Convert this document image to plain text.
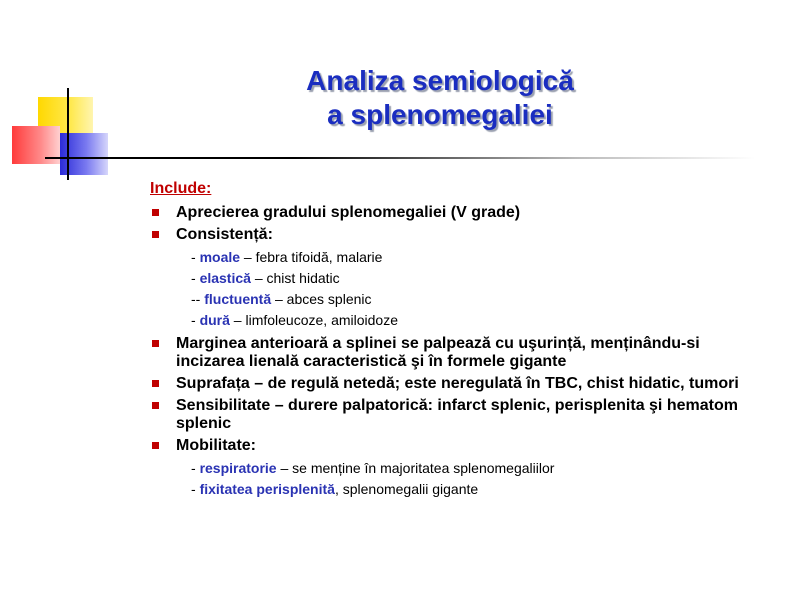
Analiza semiologică
a splenomegaliei
Include:
Aprecierea gradului splenomegaliei (V grade)
Consistență:
- moale – febra tifoidă, malarie
- elastică – chist hidatic
-- fluctuentă – abces splenic
- dură – limfoleucoze, amiloidoze
Marginea anterioară a splinei se palpează cu uşurință, menținându-si incizarea lienală caracteristică şi în formele gigante
Suprafața – de regulă netedă; este neregulată în TBC, chist hidatic, tumori
Sensibilitate – durere palpatorică: infarct splenic, perisplenita şi hematom splenic
Mobilitate:
- respiratorie – se menține în majoritatea splenomegaliilor
- fixitatea perisplenită, splenomegalii gigante
